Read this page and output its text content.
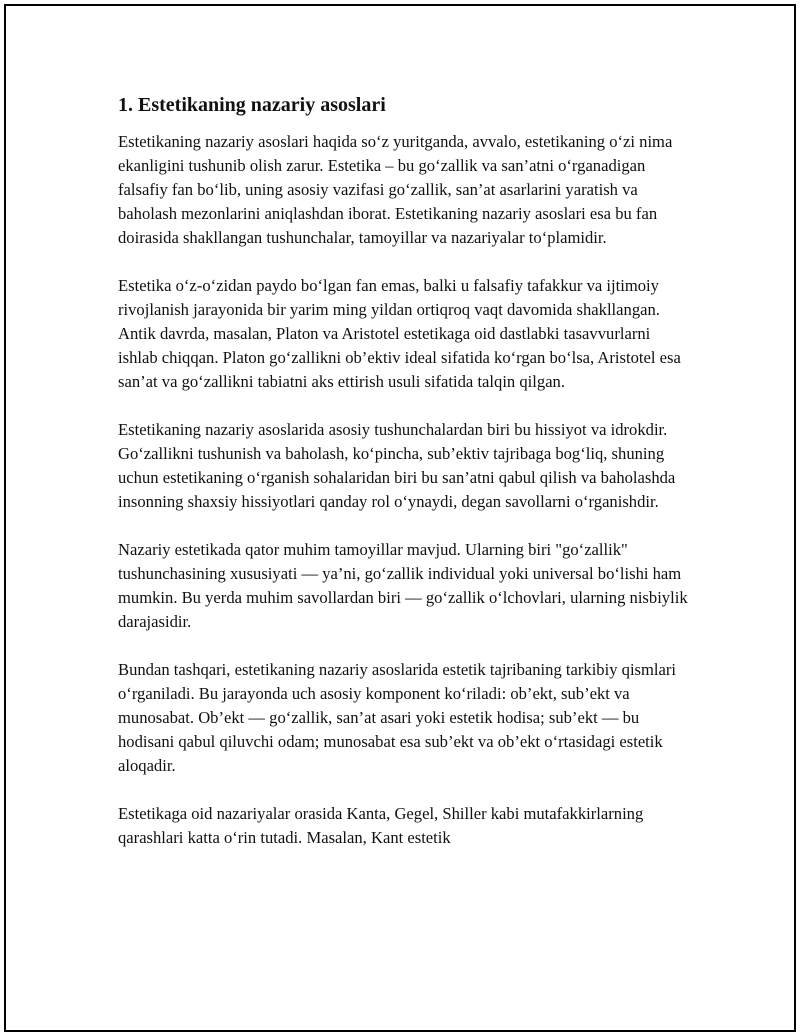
1. Estetikaning nazariy asoslari

Estetikaning nazariy asoslari haqida so‘z yuritganda, avvalo, estetikaning o‘zi nima ekanligini tushunib olish zarur. Estetika – bu go‘zallik va san’atni o‘rganadigan falsafiy fan bo‘lib, uning asosiy vazifasi go‘zallik, san’at asarlarini yaratish va baholash mezonlarini aniqlashdan iborat. Estetikaning nazariy asoslari esa bu fan doirasida shakllangan tushunchalar, tamoyillar va nazariyalar to‘plamidir.

Estetika o‘z-o‘zidan paydo bo‘lgan fan emas, balki u falsafiy tafakkur va ijtimoiy rivojlanish jarayonida bir yarim ming yildan ortiqroq vaqt davomida shakllangan. Antik davrda, masalan, Platon va Aristotel estetikaga oid dastlabki tasavvurlarni ishlab chiqqan. Platon go‘zallikni ob’ektiv ideal sifatida ko‘rgan bo‘lsa, Aristotel esa san’at va go‘zallikni tabiatni aks ettirish usuli sifatida talqin qilgan.

Estetikaning nazariy asoslarida asosiy tushunchalardan biri bu hissiyot va idrokdir. Go‘zallikni tushunish va baholash, ko‘pincha, sub’ektiv tajribaga bog‘liq, shuning uchun estetikaning o‘rganish sohalaridan biri bu san’atni qabul qilish va baholashda insonning shaxsiy hissiyotlari qanday rol o‘ynaydi, degan savollarni o‘rganishdir.

Nazariy estetikada qator muhim tamoyillar mavjud. Ularning biri "go‘zallik" tushunchasining xususiyati — ya’ni, go‘zallik individual yoki universal bo‘lishi ham mumkin. Bu yerda muhim savollardan biri — go‘zallik o‘lchovlari, ularning nisbiylik darajasidir.

Bundan tashqari, estetikaning nazariy asoslarida estetik tajribaning tarkibiy qismlari o‘rganiladi. Bu jarayonda uch asosiy komponent ko‘riladi: ob’ekt, sub’ekt va munosabat. Ob’ekt — go‘zallik, san’at asari yoki estetik hodisa; sub’ekt — bu hodisani qabul qiluvchi odam; munosabat esa sub’ekt va ob’ekt o‘rtasidagi estetik aloqadir.

Estetikaga oid nazariyalar orasida Kanta, Gegel, Shiller kabi mutafakkirlarning qarashlari katta o‘rin tutadi. Masalan, Kant estetik
